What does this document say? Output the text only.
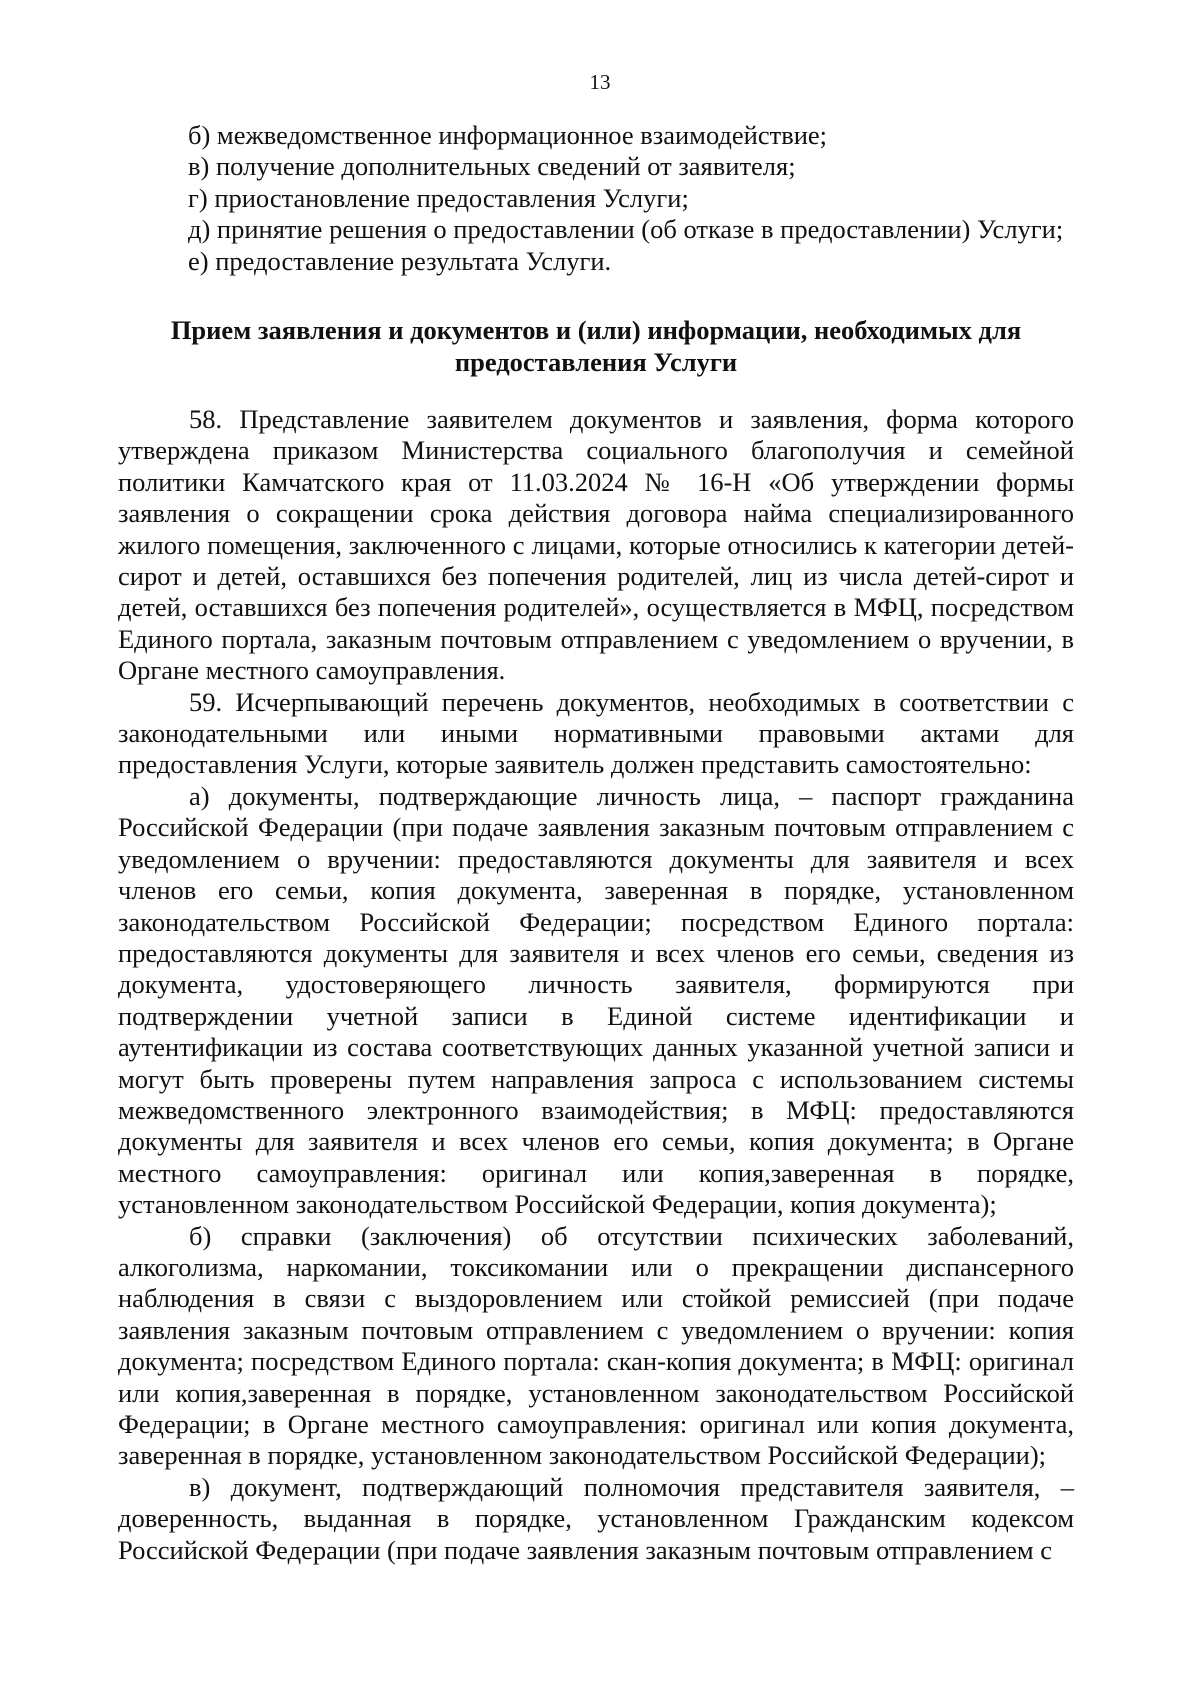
13

б) межведомственное информационное взаимодействие;

в) получение дополнительных сведений от заявителя;

г) приостановление предоставления Услуги;

д) принятие решения о предоставлении (об отказе в предоставлении) Услуги;

е) предоставление результата Услуги.

Прием заявления и документов и (или) информации, необходимых для

предоставления Услуги

58. Представление заявителем документов и заявления, форма которого утверждена приказом Министерства социального благополучия и семейной политики Камчатского края от 11.03.2024 № 16-Н «Об утверждении формы заявления о сокращении срока действия договора найма специализированного жилого помещения, заключенного с лицами, которые относились к категории детей-сирот и детей, оставшихся без попечения родителей, лиц из числа детей-сирот и детей, оставшихся без попечения родителей», осуществляется в МФЦ, посредством Единого портала, заказным почтовым отправлением с уведомлением о вручении, в Органе местного самоуправления.

59. Исчерпывающий перечень документов, необходимых в соответствии с законодательными или иными нормативными правовыми актами для предоставления Услуги, которые заявитель должен представить самостоятельно:

а) документы, подтверждающие личность лица, – паспорт гражданина Российской Федерации (при подаче заявления заказным почтовым отправлением с уведомлением о вручении: предоставляются документы для заявителя и всех членов его семьи, копия документа, заверенная в порядке, установленном законодательством Российской Федерации; посредством Единого портала: предоставляются документы для заявителя и всех членов его семьи, сведения из документа, удостоверяющего личность заявителя, формируются при подтверждении учетной записи в Единой системе идентификации и аутентификации из состава соответствующих данных указанной учетной записи и могут быть проверены путем направления запроса с использованием системы межведомственного электронного взаимодействия; в МФЦ: предоставляются документы для заявителя и всех членов его семьи, копия документа; в Органе местного самоуправления: оригинал или копия,заверенная в порядке, установленном законодательством Российской Федерации, копия документа);

б) справки (заключения) об отсутствии психических заболеваний, алкоголизма, наркомании, токсикомании или о прекращении диспансерного наблюдения в связи с выздоровлением или стойкой ремиссией (при подаче заявления заказным почтовым отправлением с уведомлением о вручении: копия документа; посредством Единого портала: скан-копия документа; в МФЦ: оригинал или копия,заверенная в порядке, установленном законодательством Российской Федерации; в Органе местного самоуправления: оригинал или копия документа, заверенная в порядке, установленном законодательством Российской Федерации);

в) документ, подтверждающий полномочия представителя заявителя, – доверенность, выданная в порядке, установленном Гражданским кодексом Российской Федерации (при подаче заявления заказным почтовым отправлением с
